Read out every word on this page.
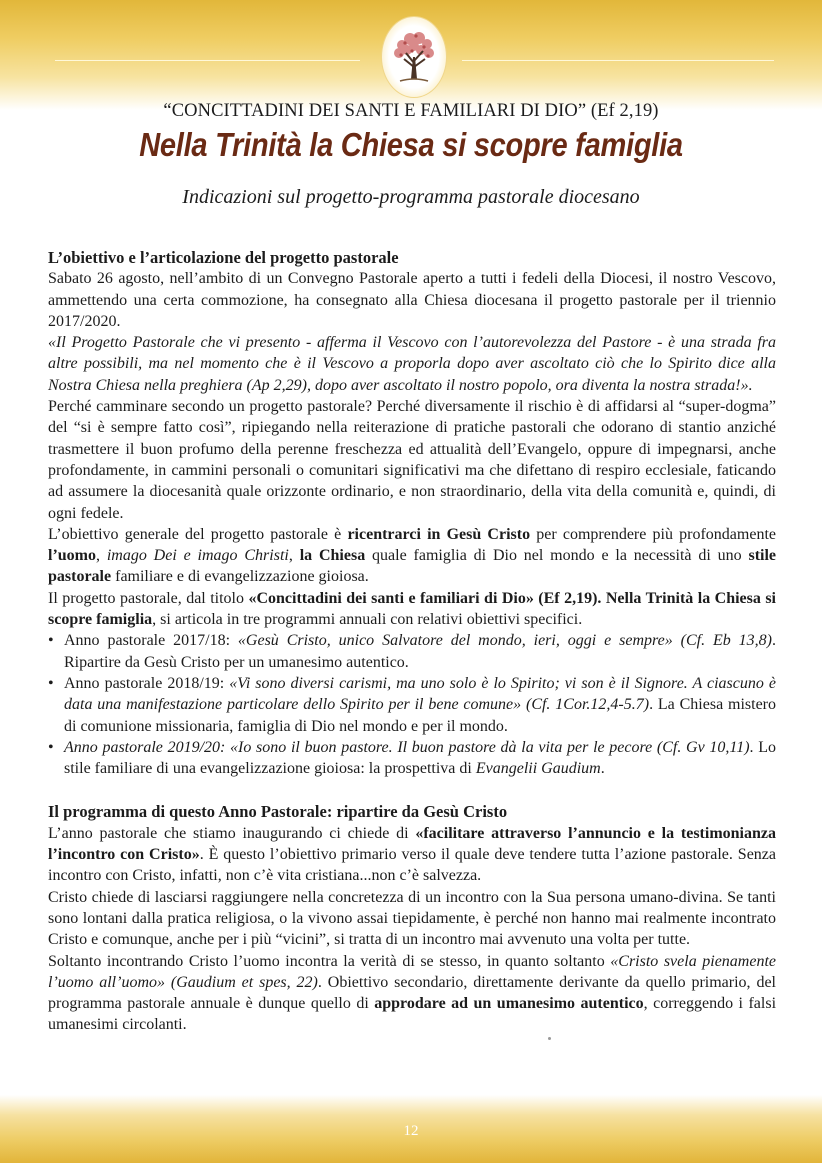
“CONCITTADINI DEI SANTI E FAMILIARI DI DIO” (Ef 2,19)
Nella Trinità la Chiesa si scopre famiglia
Indicazioni sul progetto-programma pastorale diocesano
L’obiettivo e l’articolazione del progetto pastorale

Sabato 26 agosto, nell’ambito di un Convegno Pastorale aperto a tutti i fedeli della Diocesi, il nostro Vescovo, ammettendo una certa commozione, ha consegnato alla Chiesa diocesana il progetto pastorale per il triennio 2017/2020.

«Il Progetto Pastorale che vi presento - afferma il Vescovo con l’autorevolezza del Pastore - è una strada fra altre possibili, ma nel momento che è il Vescovo a proporla dopo aver ascoltato ciò che lo Spirito dice alla Nostra Chiesa nella preghiera (Ap 2,29), dopo aver ascoltato il nostro popolo, ora diventa la nostra strada!».

Perché camminare secondo un progetto pastorale? Perché diversamente il rischio è di affidarsi al “super-dogma” del “si è sempre fatto così”, ripiegando nella reiterazione di pratiche pastorali che odorano di stantio anziché trasmettere il buon profumo della perenne freschezza ed attualità dell’Evangelo, oppure di impegnarsi, anche profondamente, in cammini personali o comunitari significativi ma che difettano di respiro ecclesiale, faticando ad assumere la diocesanità quale orizzonte ordinario, e non straordinario, della vita della comunità e, quindi, di ogni fedele.

L’obiettivo generale del progetto pastorale è ricentrarci in Gesù Cristo per comprendere più profondamente l’uomo, imago Dei e imago Christi, la Chiesa quale famiglia di Dio nel mondo e la necessità di uno stile pastorale familiare e di evangelizzazione gioiosa.

Il progetto pastorale, dal titolo «Concittadini dei santi e familiari di Dio» (Ef 2,19). Nella Trinità la Chiesa si scopre famiglia, si articola in tre programmi annuali con relativi obiettivi specifici.

• Anno pastorale 2017/18: «Gesù Cristo, unico Salvatore del mondo, ieri, oggi e sempre» (Cf. Eb 13,8). Ripartire da Gesù Cristo per un umanesimo autentico.
• Anno pastorale 2018/19: «Vi sono diversi carismi, ma uno solo è lo Spirito; vi son è il Signore. A ciascuno è data una manifestazione particolare dello Spirito per il bene comune» (Cf. 1Cor.12,4-5.7). La Chiesa mistero di comunione missionaria, famiglia di Dio nel mondo e per il mondo.
• Anno pastorale 2019/20: «Io sono il buon pastore. Il buon pastore dà la vita per le pecore (Cf. Gv 10,11). Lo stile familiare di una evangelizzazione gioiosa: la prospettiva di Evangelii Gaudium.
Il programma di questo Anno Pastorale: ripartire da Gesù Cristo

L’anno pastorale che stiamo inaugurando ci chiede di «facilitare attraverso l’annuncio e la testimonianza l’incontro con Cristo». È questo l’obiettivo primario verso il quale deve tendere tutta l’azione pastorale. Senza incontro con Cristo, infatti, non c’è vita cristiana...non c’è salvezza.

Cristo chiede di lasciarsi raggiungere nella concretezza di un incontro con la Sua persona umano-divina. Se tanti sono lontani dalla pratica religiosa, o la vivono assai tiepidamente, è perché non hanno mai realmente incontrato Cristo e comunque, anche per i più “vicini”, si tratta di un incontro mai avvenuto una volta per tutte.

Soltanto incontrando Cristo l’uomo incontra la verità di se stesso, in quanto soltanto «Cristo svela pienamente l’uomo all’uomo» (Gaudium et spes, 22). Obiettivo secondario, direttamente derivante da quello primario, del programma pastorale annuale è dunque quello di approdare ad un umanesimo autentico, correggendo i falsi umanesimi circolanti.

12
